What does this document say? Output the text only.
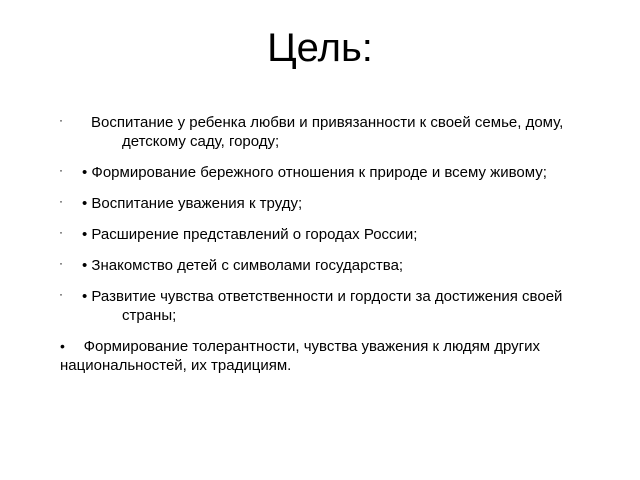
Цель:
·	Воспитание у ребенка любви и привязанности к своей семье, дому, детскому саду, городу;
·	• Формирование бережного отношения к природе и всему живому;
·	• Воспитание уважения к труду;
·	• Расширение представлений о городах России;
·	• Знакомство детей с символами государства;
·	• Развитие чувства ответственности и гордости за достижения своей страны;
• Формирование толерантности, чувства уважения к людям других национальностей, их традициям.
